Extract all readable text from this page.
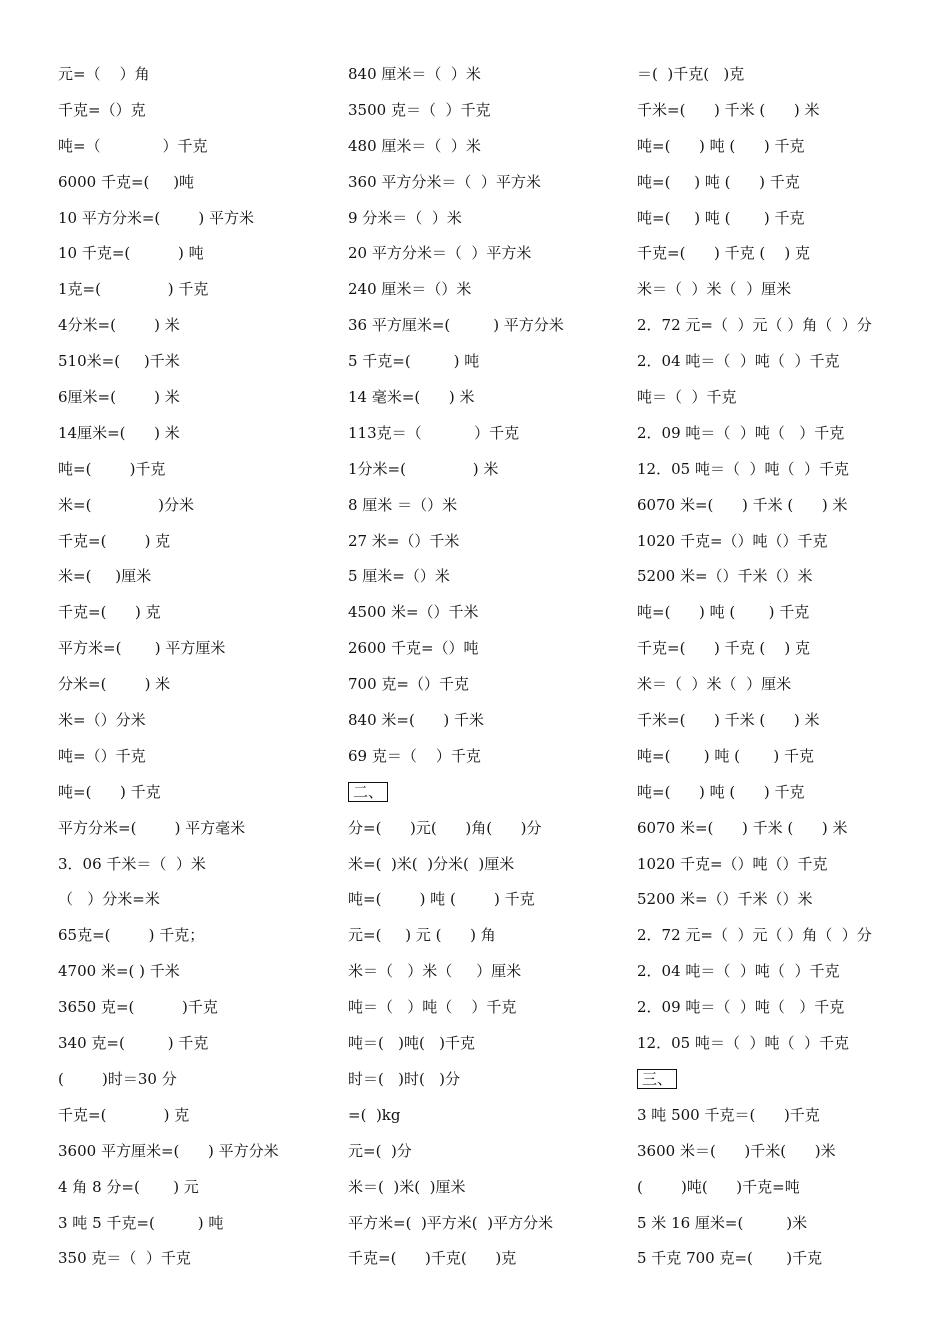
元=（    ）角
千克=（）克
吨=（             ）千克
6000 千克=(     )吨
10 平方分米=(        ) 平方米
10 千克=(          ) 吨
1克=(              ) 千克
4分米=(        ) 米
510米=(     )千米
6厘米=(        ) 米
14厘米=(      ) 米
吨=(        )千克
米=(              )分米
千克=(        ) 克
米=(     )厘米
千克=(      ) 克
平方米=(       ) 平方厘米
分米=(        ) 米
米=（）分米
吨=（）千克
吨=(      ) 千克
平方分米=(        ) 平方毫米
3．06 千米＝（  ）米
（   ）分米=米
65克=(        ) 千克；
4700 米=( ) 千米
3650 克=(          )千克
340 克=(         ) 千克
(        )时＝30 分
千克=(            ) 克
3600 平方厘米=(      ) 平方分米
4 角 8 分=(       ) 元
3 吨 5 千克=(         ) 吨
350 克＝（  ）千克
840 厘米＝（  ）米
3500 克＝（  ）千克
480 厘米＝（  ）米
360 平方分米＝（  ）平方米
9 分米＝（  ）米
20 平方分米＝（  ）平方米
240 厘米＝（）米
36 平方厘米=(         ) 平方分米
5 千克=(         ) 吨
14 毫米=(      ) 米
113克＝（           ）千克
1分米=(              ) 米
8 厘米 ＝（）米
27 米=（）千米
5 厘米=（）米
4500 米=（）千米
2600 千克=（）吨
700 克=（）千克
840 米=(      ) 千米
69 克＝（    ）千克
二、
分=(      )元(      )角(      )分
米=(  )米(  )分米(  )厘米
吨=(        ) 吨 (        ) 千克
元=(     ) 元 (      ) 角
米＝（   ）米（     ）厘米
吨＝（   ）吨（    ）千克
吨＝(   )吨(   )千克
时＝(   )时(   )分
=(  )kg
元=(  )分
米＝(  )米(  )厘米
平方米=(  )平方米(  )平方分米
千克=(      )千克(      )克
＝(  )千克(   )克
千米=(      ) 千米 (      ) 米
吨=(      ) 吨 (      ) 千克
吨=(     ) 吨 (      ) 千克
吨=(     ) 吨 (       ) 千克
千克=(      ) 千克 (    ) 克
米＝（  ）米（  ）厘米
2．72 元=（  ）元（ ）角（  ）分
2．04 吨＝（  ）吨（  ）千克
吨＝（  ）千克
2．09 吨＝（  ）吨（   ）千克
12．05 吨＝（  ）吨（  ）千克
6070 米=(      ) 千米 (      ) 米
1020 千克=（）吨（）千克
5200 米=（）千米（）米
吨=(      ) 吨 (       ) 千克
千克=(      ) 千克 (    ) 克
米＝（  ）米（  ）厘米
千米=(      ) 千米 (      ) 米
吨=(       ) 吨 (       ) 千克
吨=(      ) 吨 (      ) 千克
6070 米=(      ) 千米 (      ) 米
1020 千克=（）吨（）千克
5200 米=（）千米（）米
2．72 元=（  ）元（ ）角（  ）分
2．04 吨＝（  ）吨（  ）千克
2．09 吨＝（  ）吨（   ）千克
12．05 吨＝（  ）吨（  ）千克
三、
3 吨 500 千克＝(      )千克
3600 米＝(      )千米(      )米
(        )吨(      )千克=吨
5 米 16 厘米=(         )米
5 千克 700 克=(       )千克
